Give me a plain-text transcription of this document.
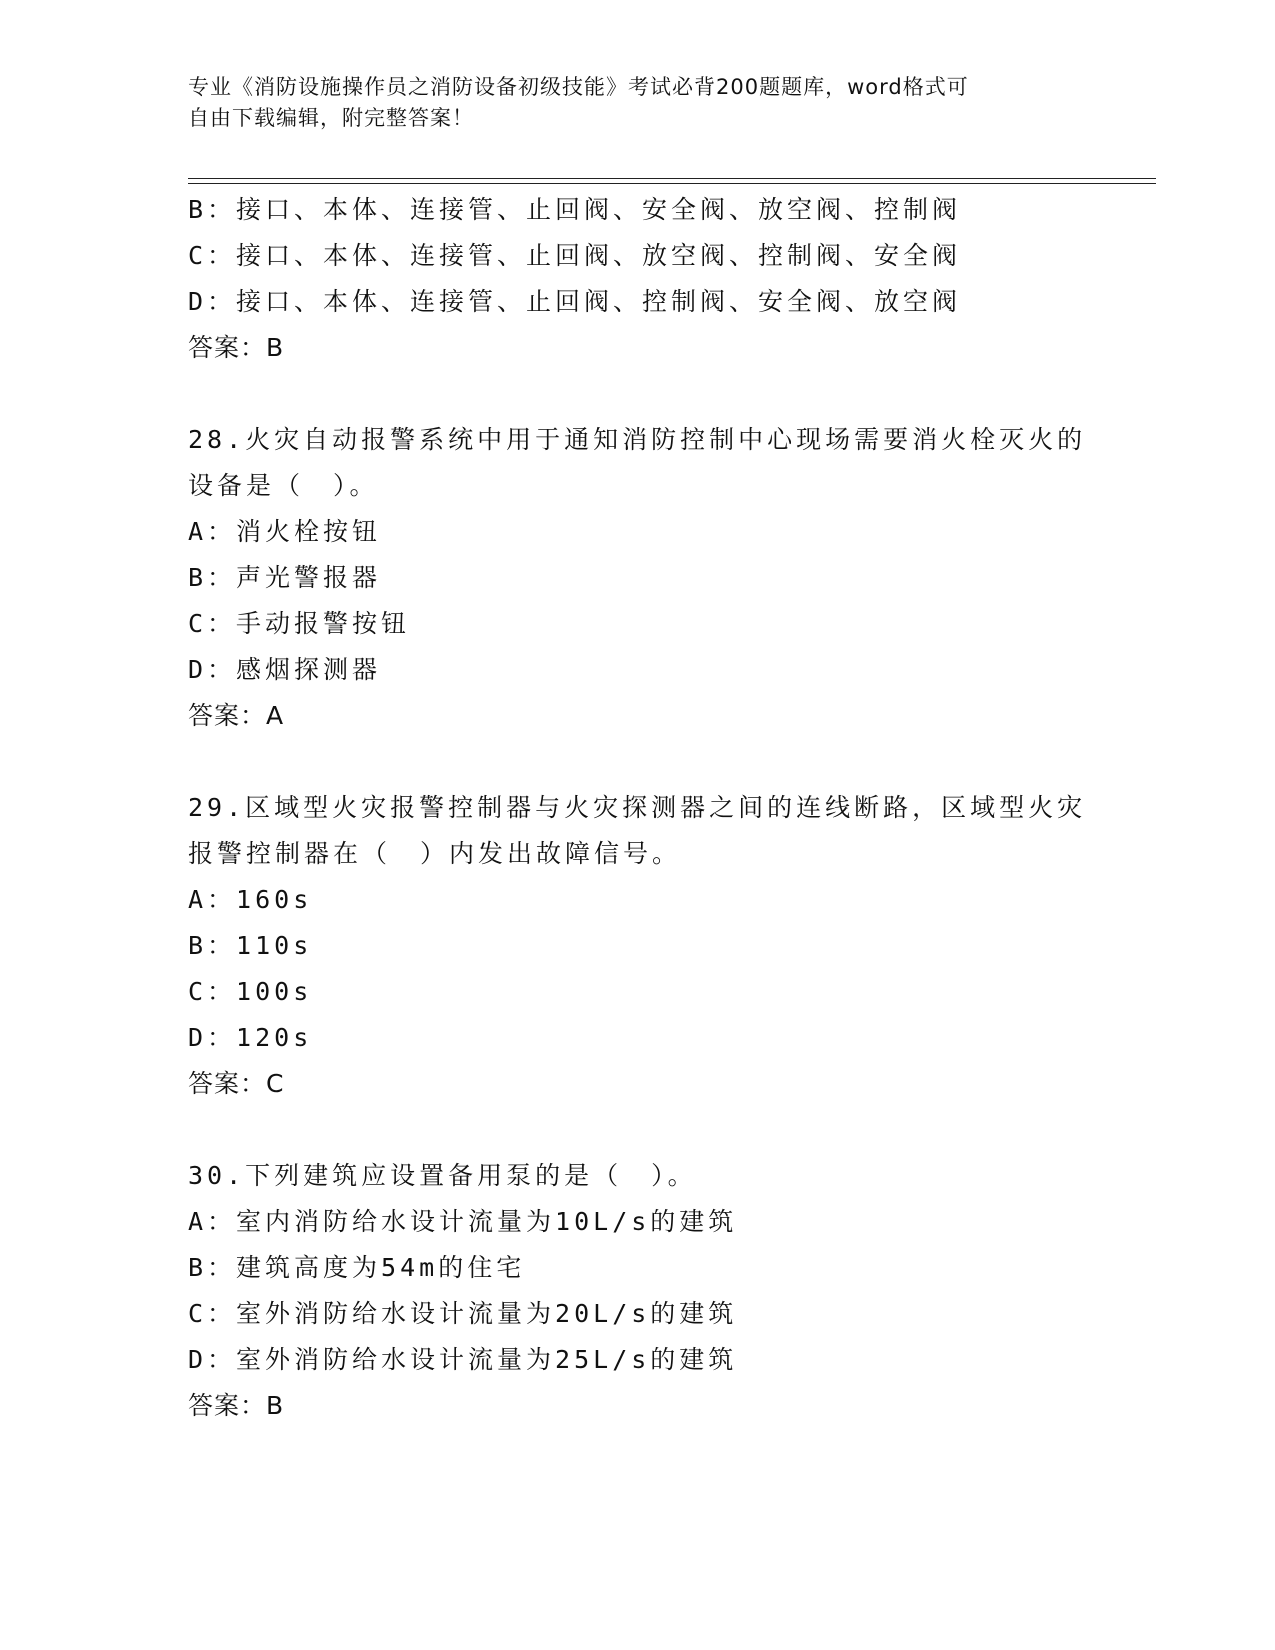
专业《消防设施操作员之消防设备初级技能》考试必背200题题库，word格式可
自由下载编辑，附完整答案！
B：接口、本体、连接管、止回阀、安全阀、放空阀、控制阀
C：接口、本体、连接管、止回阀、放空阀、控制阀、安全阀
D：接口、本体、连接管、止回阀、控制阀、安全阀、放空阀
答案：B
28.火灾自动报警系统中用于通知消防控制中心现场需要消火栓灭火的
设备是（　）。
A：消火栓按钮
B：声光警报器
C：手动报警按钮
D：感烟探测器
答案：A
29.区域型火灾报警控制器与火灾探测器之间的连线断路，区域型火灾
报警控制器在（　）内发出故障信号。
A：160s
B：110s
C：100s
D：120s
答案：C
30.下列建筑应设置备用泵的是（　）。
A：室内消防给水设计流量为10L/s的建筑
B：建筑高度为54m的住宅
C：室外消防给水设计流量为20L/s的建筑
D：室外消防给水设计流量为25L/s的建筑
答案：B
